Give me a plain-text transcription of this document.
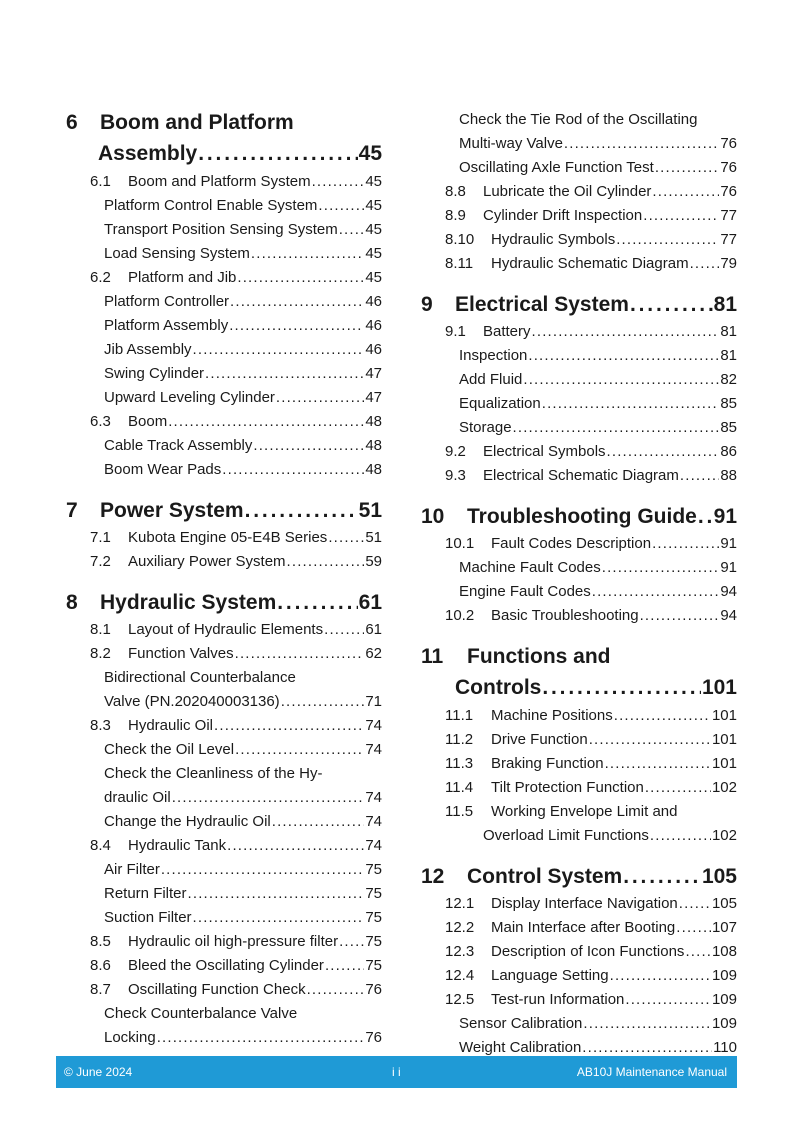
6	Boom and Platform
Assembly . . .	45
6.1	Boom and Platform System . . .	45
Platform Control Enable System . . .	45
Transport Position Sensing System . . . 45
Load Sensing System . . .	45
6.2	Platform and Jib . . .	45
Platform Controller . . .	46
Platform Assembly . . .	46
Jib Assembly . . .	46
Swing Cylinder . . .	47
Upward Leveling Cylinder . . .	47
6.3	Boom . . .	48
Cable Track Assembly . . .	48
Boom Wear Pads . . .	48
7	Power System . . .	51
7.1	Kubota Engine 05-E4B Series . . .	51
7.2	Auxiliary Power System . . .	59
8	Hydraulic System . . .	61
8.1	Layout of Hydraulic Elements . . .	61
8.2	Function Valves . . .	62
Bidirectional Counterbalance
Valve (PN.202040003136) . . .	71
8.3	Hydraulic Oil . . .	74
Check the Oil Level . . .	74
Check the Cleanliness of the Hy-
draulic Oil . . .	74
Change the Hydraulic Oil . . .	74
8.4	Hydraulic Tank . . .	74
Air Filter . . .	75
Return Filter . . .	75
Suction Filter . . .	75
8.5	Hydraulic oil high-pressure filter . . . 75
8.6	Bleed the Oscillating Cylinder . . .	75
8.7	Oscillating Function Check . . .	76
Check Counterbalance Valve
Locking . . .	76
Check the Tie Rod of the Oscillating
Multi-way Valve . . .	76
Oscillating Axle Function Test . . .	76
8.8	Lubricate the Oil Cylinder . . .	76
8.9	Cylinder Drift Inspection . . .	77
8.10	Hydraulic Symbols . . .	77
8.11	Hydraulic Schematic Diagram . . . 79
9	Electrical System . . .	81
9.1	Battery . . .	81
Inspection . . .	81
Add Fluid . . .	82
Equalization . . .	85
Storage . . .	85
9.2	Electrical Symbols . . .	86
9.3	Electrical Schematic Diagram . . .	88
10	Troubleshooting Guide . . . 91
10.1	Fault Codes Description . . .	91
Machine Fault Codes . . .	91
Engine Fault Codes . . .	94
10.2	Basic Troubleshooting . . .	94
11	Functions and
Controls . . .	101
11.1	Machine Positions . . .	101
11.2	Drive Function . . .	101
11.3	Braking Function . . .	101
11.4	Tilt Protection Function . . .	102
11.5	Working Envelope Limit and
Overload Limit Functions . . .	102
12	Control System . . .	105
12.1	Display Interface Navigation . . . 105
12.2	Main Interface after Booting . . . 107
12.3	Description of Icon Functions . . . 108
12.4	Language Setting . . .	109
12.5	Test-run Information . . .	109
Sensor Calibration . . .	109
Weight Calibration . . .	110
© June 2024	i i	AB10J Maintenance Manual
